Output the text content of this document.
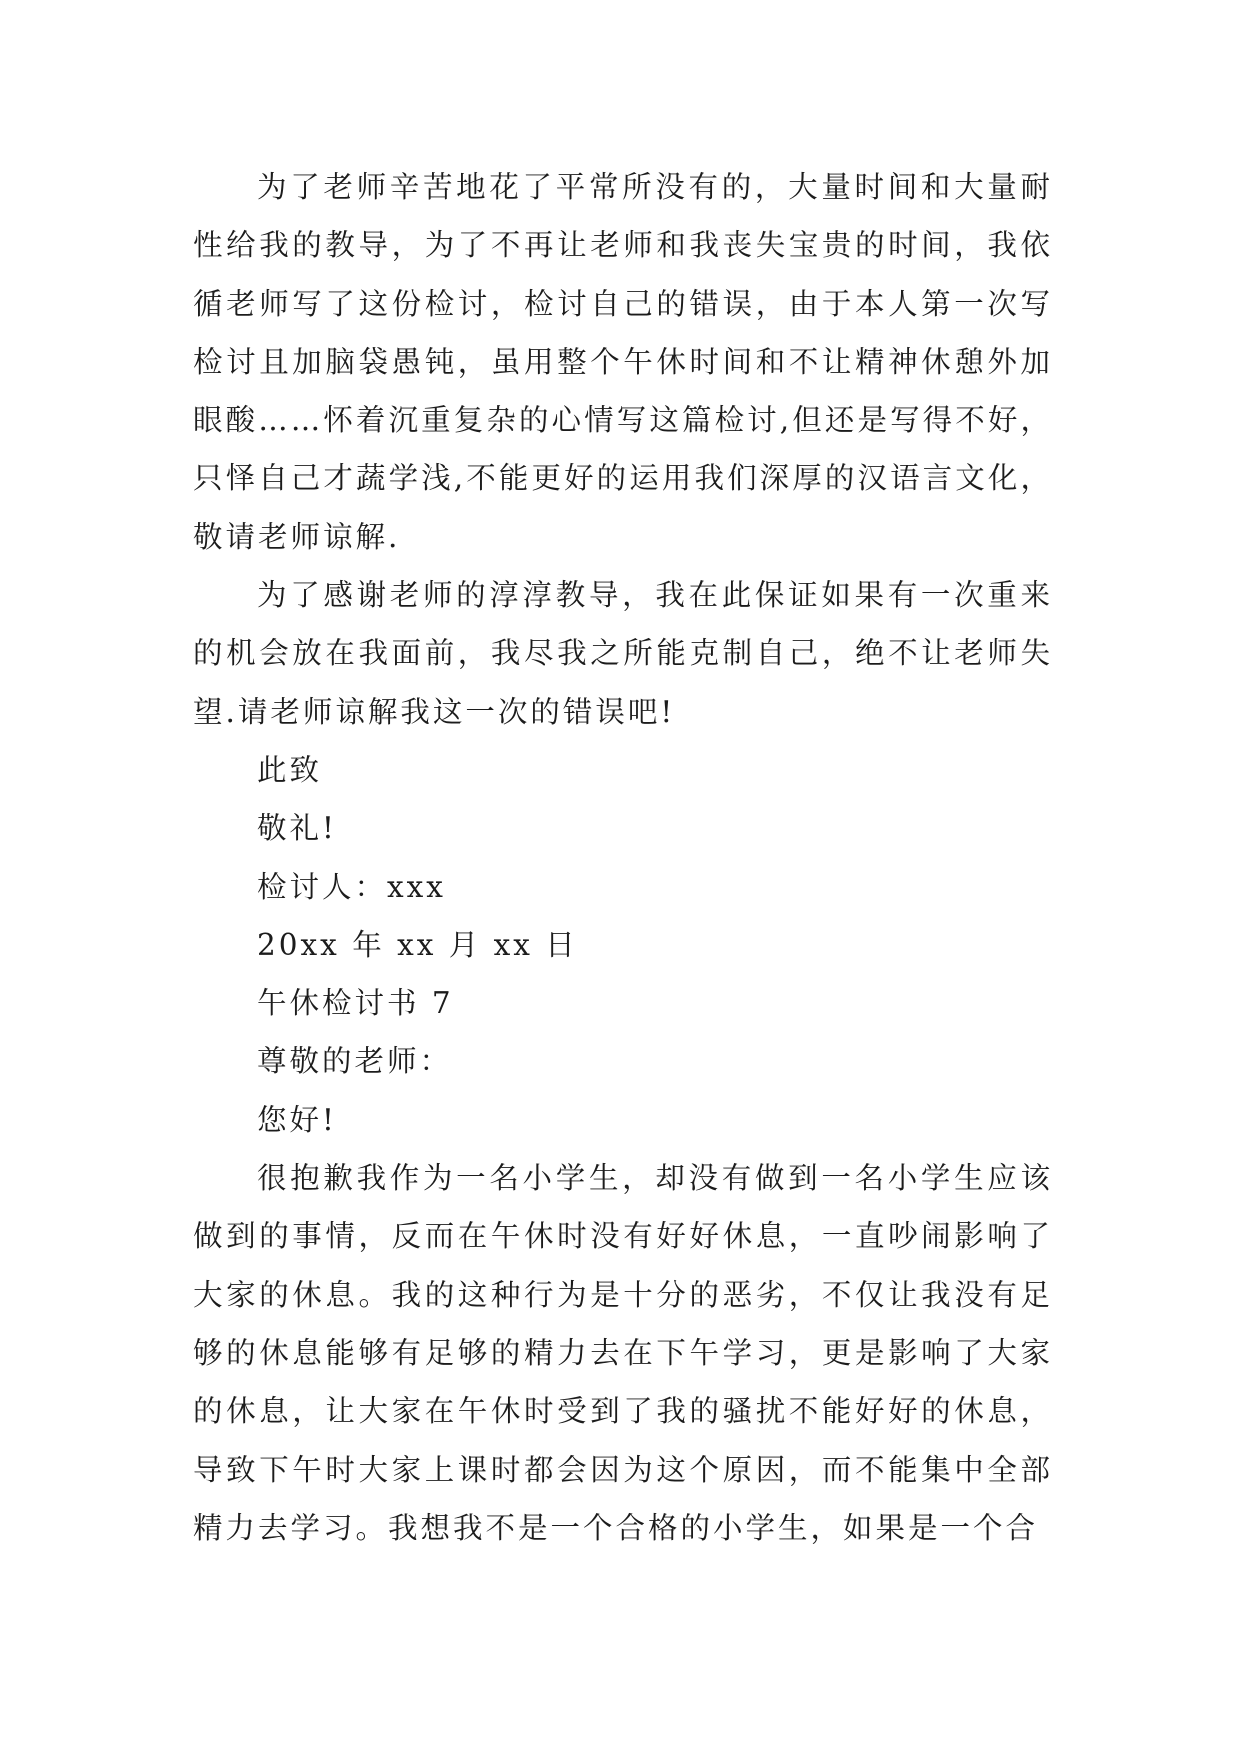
为了老师辛苦地花了平常所没有的，大量时间和大量耐性给我的教导，为了不再让老师和我丧失宝贵的时间，我依循老师写了这份检讨，检讨自己的错误，由于本人第一次写检讨且加脑袋愚钝，虽用整个午休时间和不让精神休憩外加眼酸……怀着沉重复杂的心情写这篇检讨,但还是写得不好，只怿自己才蔬学浅,不能更好的运用我们深厚的汉语言文化，敬请老师谅解.

为了感谢老师的淳淳教导，我在此保证如果有一次重来的机会放在我面前，我尽我之所能克制自己，绝不让老师失望.请老师谅解我这一次的错误吧!

此致

敬礼!

检讨人：xxx

20xx 年 xx 月 xx 日

午休检讨书 7

尊敬的老师：

您好!

很抱歉我作为一名小学生，却没有做到一名小学生应该做到的事情，反而在午休时没有好好休息，一直吵闹影响了大家的休息。我的这种行为是十分的恶劣，不仅让我没有足够的休息能够有足够的精力去在下午学习，更是影响了大家的休息，让大家在午休时受到了我的骚扰不能好好的休息，导致下午时大家上课时都会因为这个原因，而不能集中全部精力去学习。我想我不是一个合格的小学生，如果是一个合
